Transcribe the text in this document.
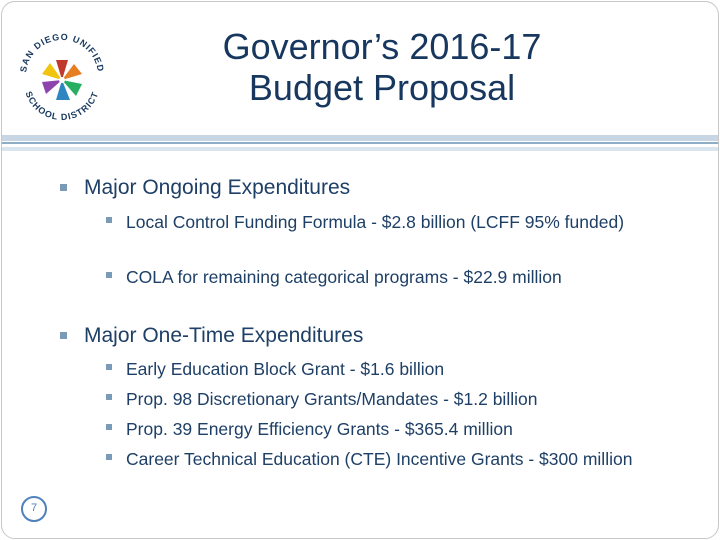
SAN DIEGO UNIFIED
SCHOOL DISTRICT
Governor’s 2016-17
Budget Proposal
Major Ongoing Expenditures
Local Control Funding Formula - $2.8 billion (LCFF 95% funded)
COLA for remaining categorical programs - $22.9 million
Major One-Time Expenditures
Early Education Block Grant - $1.6 billion
Prop. 98 Discretionary Grants/Mandates - $1.2 billion
Prop. 39 Energy Efficiency Grants - $365.4 million
Career Technical Education (CTE) Incentive Grants - $300 million
7
